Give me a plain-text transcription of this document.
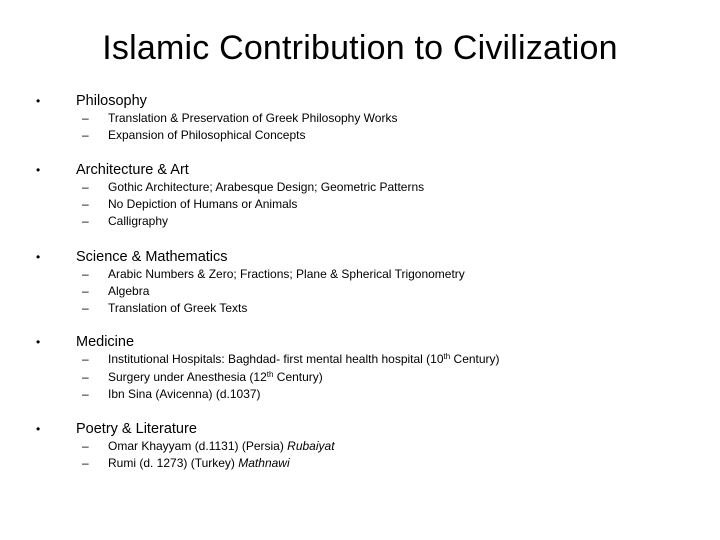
Islamic Contribution to Civilization
• Philosophy
– Translation & Preservation of Greek Philosophy Works
– Expansion of Philosophical Concepts
• Architecture & Art
– Gothic Architecture; Arabesque Design; Geometric Patterns
– No Depiction of Humans or Animals
– Calligraphy
• Science & Mathematics
– Arabic Numbers & Zero; Fractions; Plane & Spherical Trigonometry
– Algebra
– Translation of Greek Texts
• Medicine
– Institutional Hospitals: Baghdad- first mental health hospital (10th Century)
– Surgery under Anesthesia (12th Century)
– Ibn Sina (Avicenna) (d.1037)
• Poetry & Literature
– Omar Khayyam (d.1131) (Persia) Rubaiyat
– Rumi (d. 1273) (Turkey) Mathnawi
